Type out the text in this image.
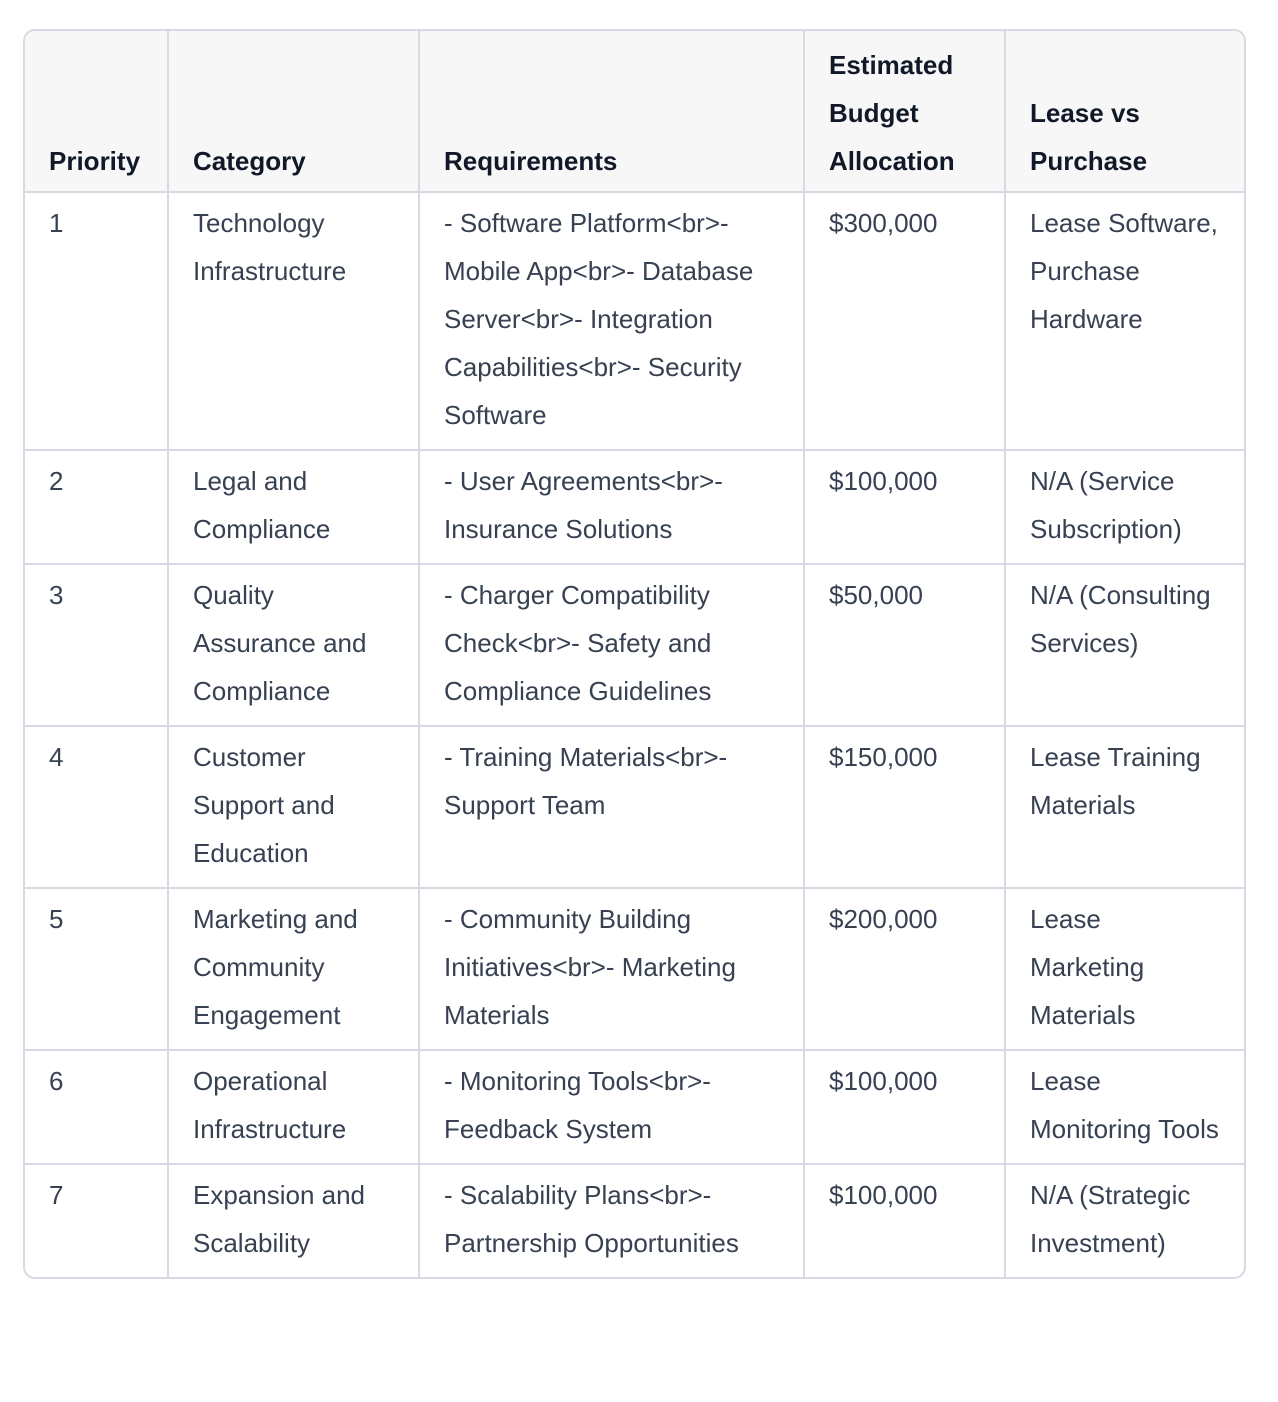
Priority	Category	Requirements	Estimated Budget Allocation	Lease vs Purchase
1	Technology Infrastructure	- Software Platform<br>- Mobile App<br>- Database Server<br>- Integration Capabilities<br>- Security Software	$300,000	Lease Software, Purchase Hardware
2	Legal and Compliance	- User Agreements<br>- Insurance Solutions	$100,000	N/A (Service Subscription)
3	Quality Assurance and Compliance	- Charger Compatibility Check<br>- Safety and Compliance Guidelines	$50,000	N/A (Consulting Services)
4	Customer Support and Education	- Training Materials<br>- Support Team	$150,000	Lease Training Materials
5	Marketing and Community Engagement	- Community Building Initiatives<br>- Marketing Materials	$200,000	Lease Marketing Materials
6	Operational Infrastructure	- Monitoring Tools<br>- Feedback System	$100,000	Lease Monitoring Tools
7	Expansion and Scalability	- Scalability Plans<br>- Partnership Opportunities	$100,000	N/A (Strategic Investment)
